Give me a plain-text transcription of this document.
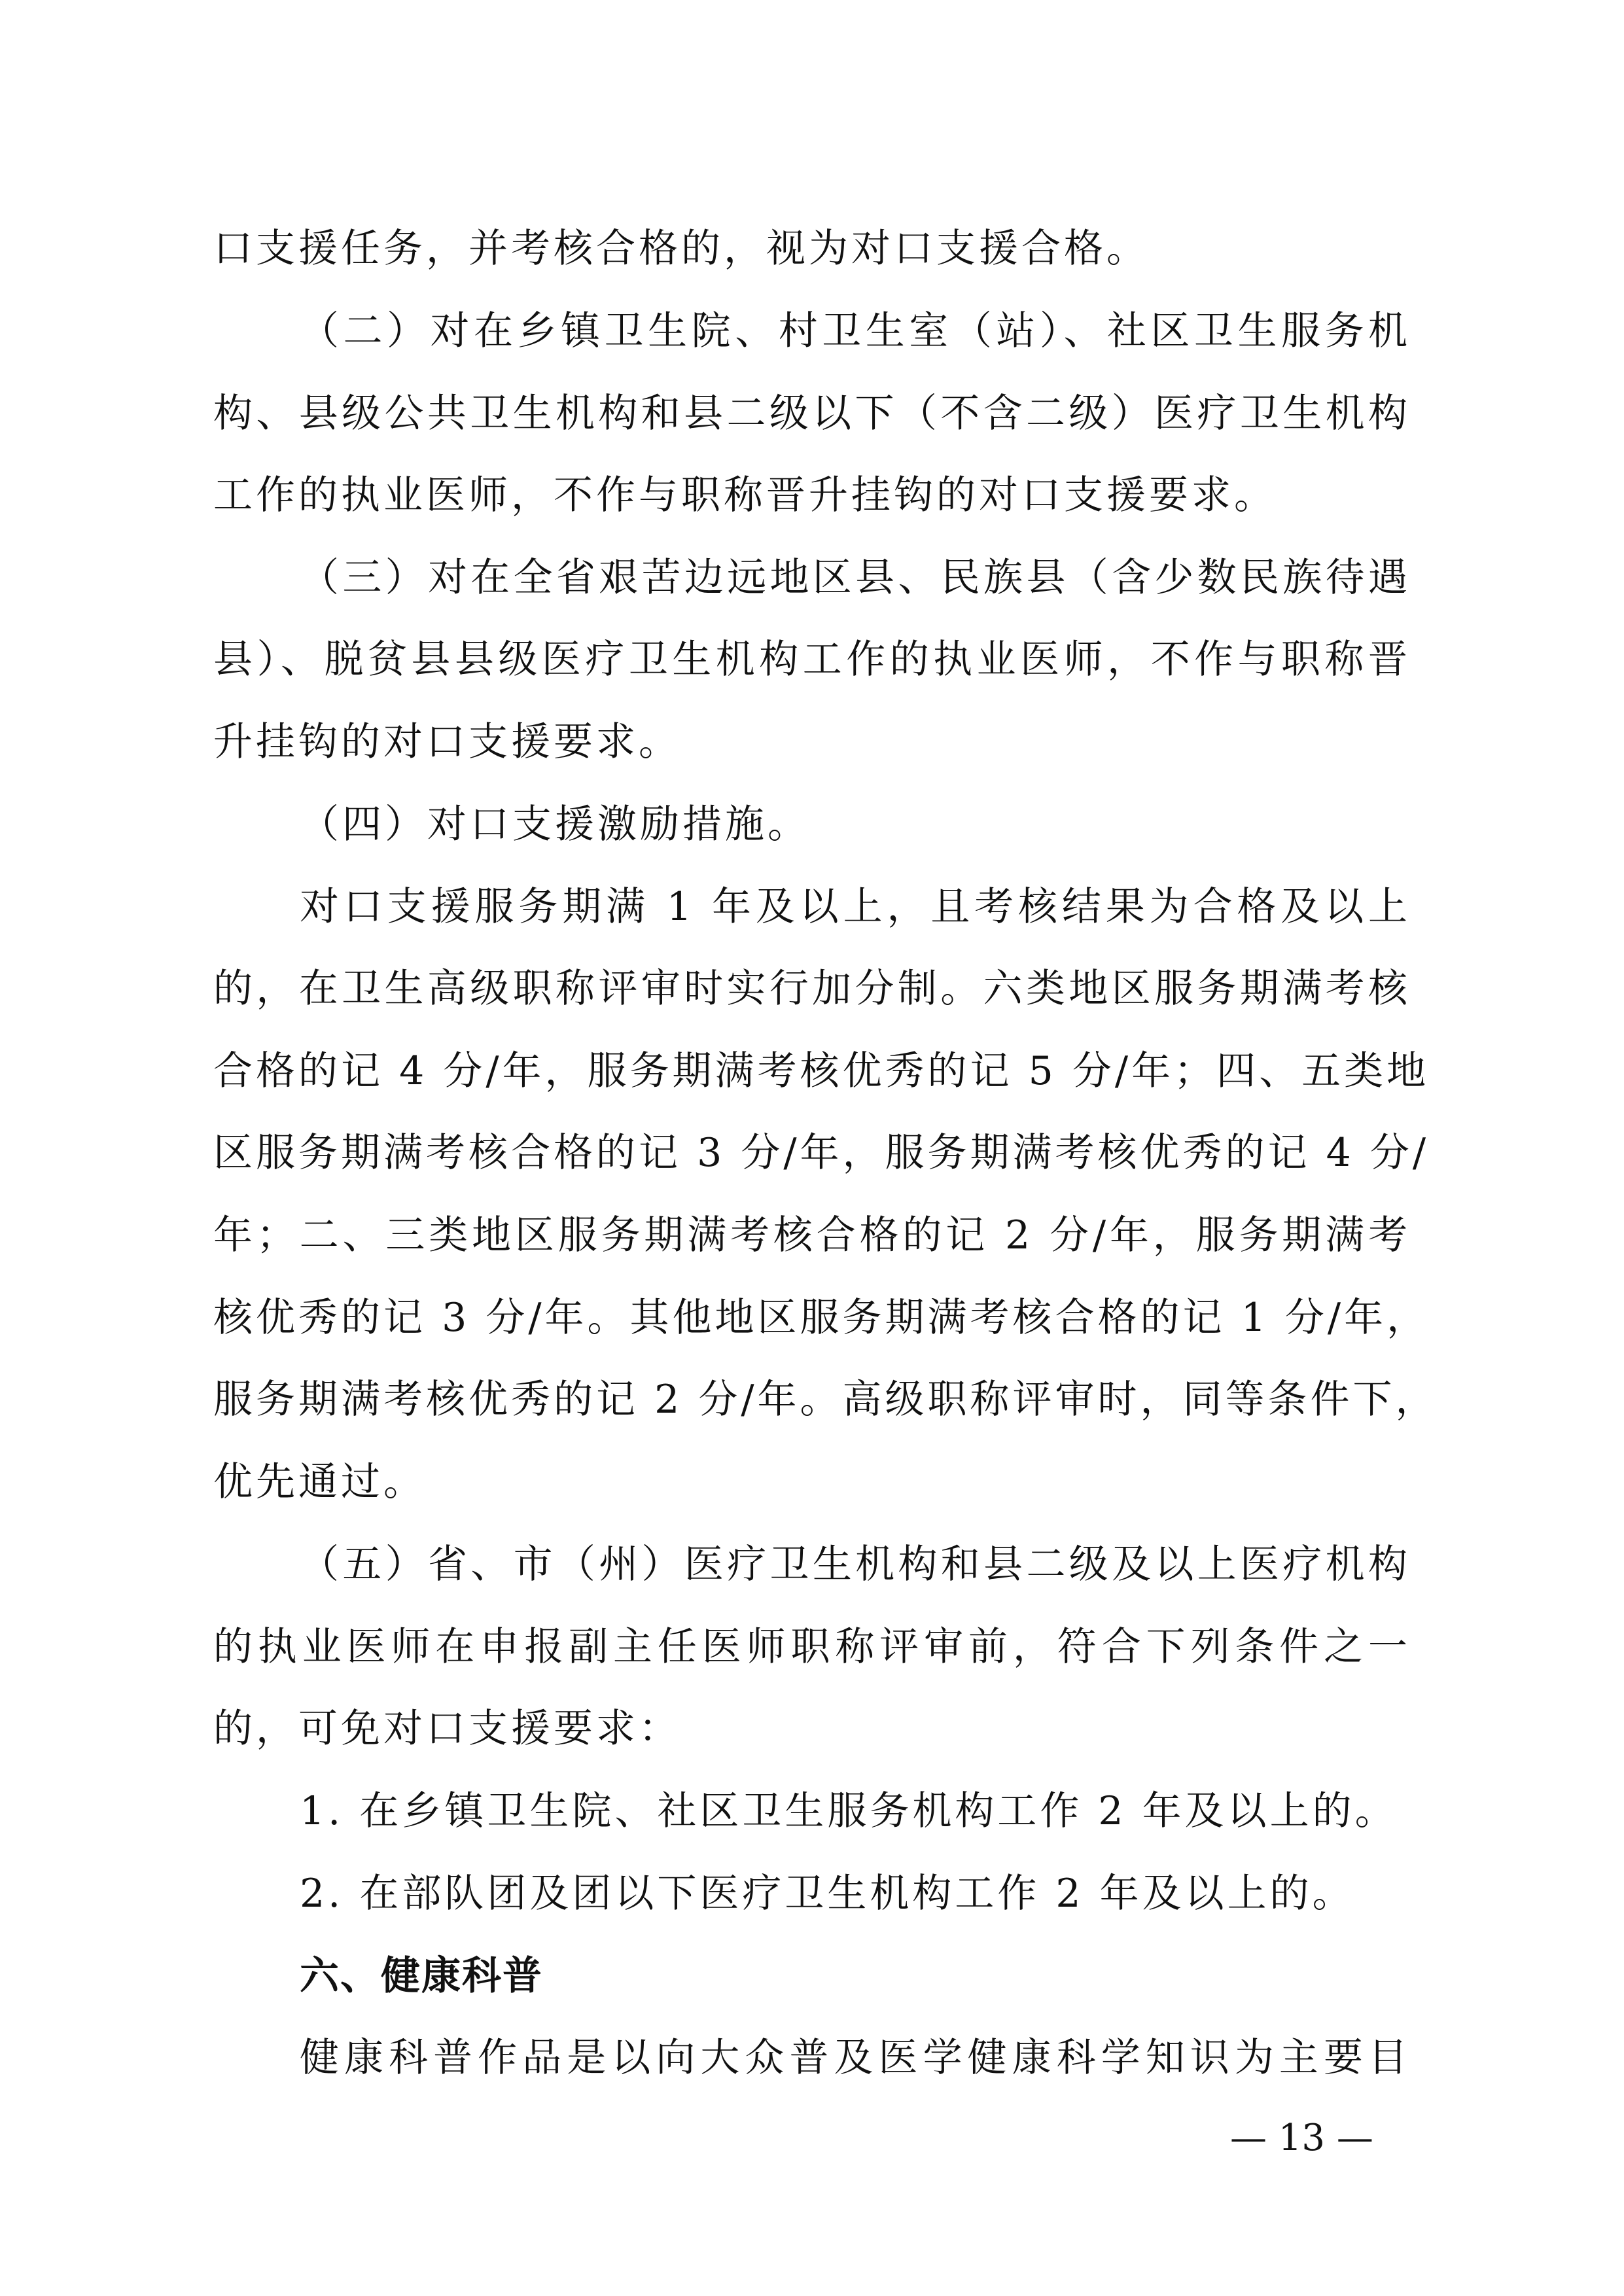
口支援任务，并考核合格的，视为对口支援合格。
（二）对在乡镇卫生院、村卫生室（站）、社区卫生服务机
构、县级公共卫生机构和县二级以下（不含二级）医疗卫生机构
工作的执业医师，不作与职称晋升挂钩的对口支援要求。
（三）对在全省艰苦边远地区县、民族县（含少数民族待遇
县）、脱贫县县级医疗卫生机构工作的执业医师，不作与职称晋
升挂钩的对口支援要求。
（四）对口支援激励措施。
对口支援服务期满 1 年及以上，且考核结果为合格及以上
的，在卫生高级职称评审时实行加分制。六类地区服务期满考核
合格的记 4 分/年，服务期满考核优秀的记 5 分/年；四、五类地
区服务期满考核合格的记 3 分/年，服务期满考核优秀的记 4 分/
年；二、三类地区服务期满考核合格的记 2 分/年，服务期满考
核优秀的记 3 分/年。其他地区服务期满考核合格的记 1 分/年，
服务期满考核优秀的记 2 分/年。高级职称评审时，同等条件下，
优先通过。
（五）省、市（州）医疗卫生机构和县二级及以上医疗机构
的执业医师在申报副主任医师职称评审前，符合下列条件之一
的，可免对口支援要求：
1. 在乡镇卫生院、社区卫生服务机构工作 2 年及以上的。
2. 在部队团及团以下医疗卫生机构工作 2 年及以上的。
六、健康科普
健康科普作品是以向大众普及医学健康科学知识为主要目
— 13 —
